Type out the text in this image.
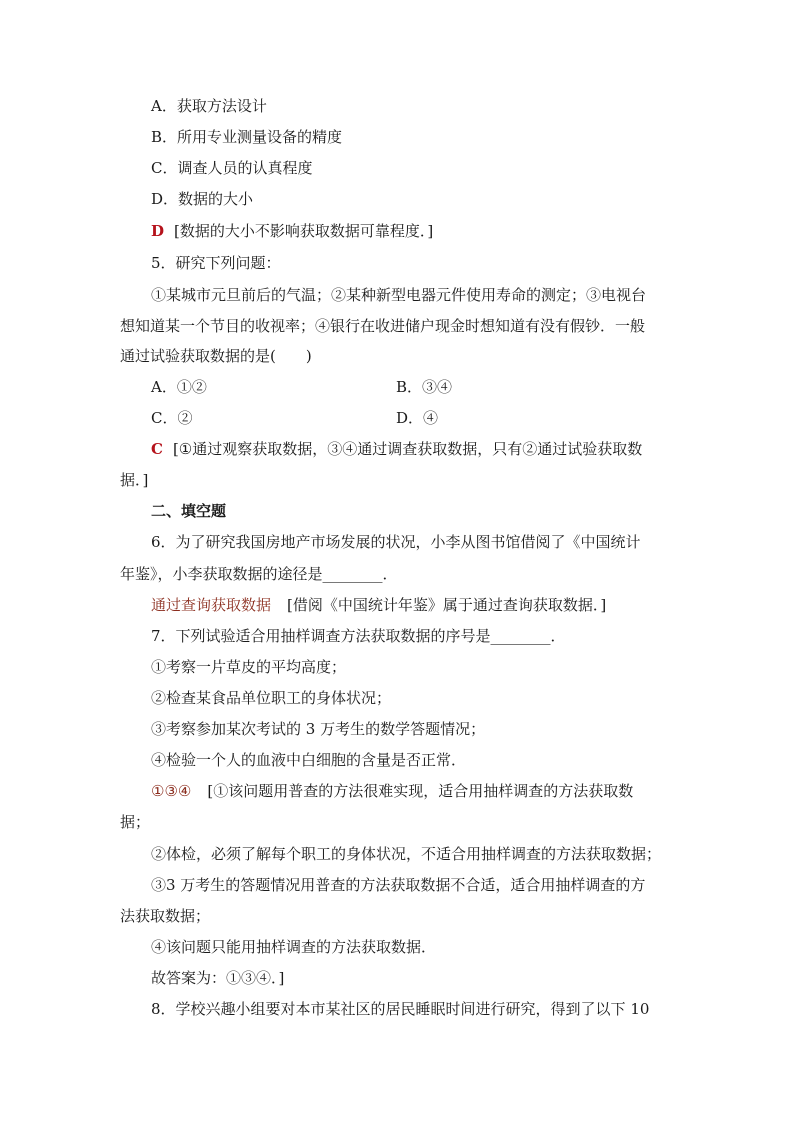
A．获取方法设计
B．所用专业测量设备的精度
C．调查人员的认真程度
D．数据的大小
D [数据的大小不影响获取数据可靠程度．]
5．研究下列问题：
①某城市元旦前后的气温；②某种新型电器元件使用寿命的测定；③电视台
想知道某一个节目的收视率；④银行在收进储户现金时想知道有没有假钞．一般
通过试验获取数据的是(　　)
A．①②	B．③④
C．②	D．④
C [①通过观察获取数据，③④通过调查获取数据，只有②通过试验获取数
据．]
二、填空题
6．为了研究我国房地产市场发展的状况，小李从图书馆借阅了《中国统计
年鉴》，小李获取数据的途径是________．
通过查询获取数据 [借阅《中国统计年鉴》属于通过查询获取数据．]
7．下列试验适合用抽样调查方法获取数据的序号是________．
①考察一片草皮的平均高度；
②检查某食品单位职工的身体状况；
③考察参加某次考试的 3 万考生的数学答题情况；
④检验一个人的血液中白细胞的含量是否正常．
①③④ [①该问题用普查的方法很难实现，适合用抽样调查的方法获取数
据；
②体检，必须了解每个职工的身体状况，不适合用抽样调查的方法获取数据；
③3 万考生的答题情况用普查的方法获取数据不合适，适合用抽样调查的方
法获取数据；
④该问题只能用抽样调查的方法获取数据．
故答案为：①③④．]
8．学校兴趣小组要对本市某社区的居民睡眠时间进行研究，得到了以下 10
